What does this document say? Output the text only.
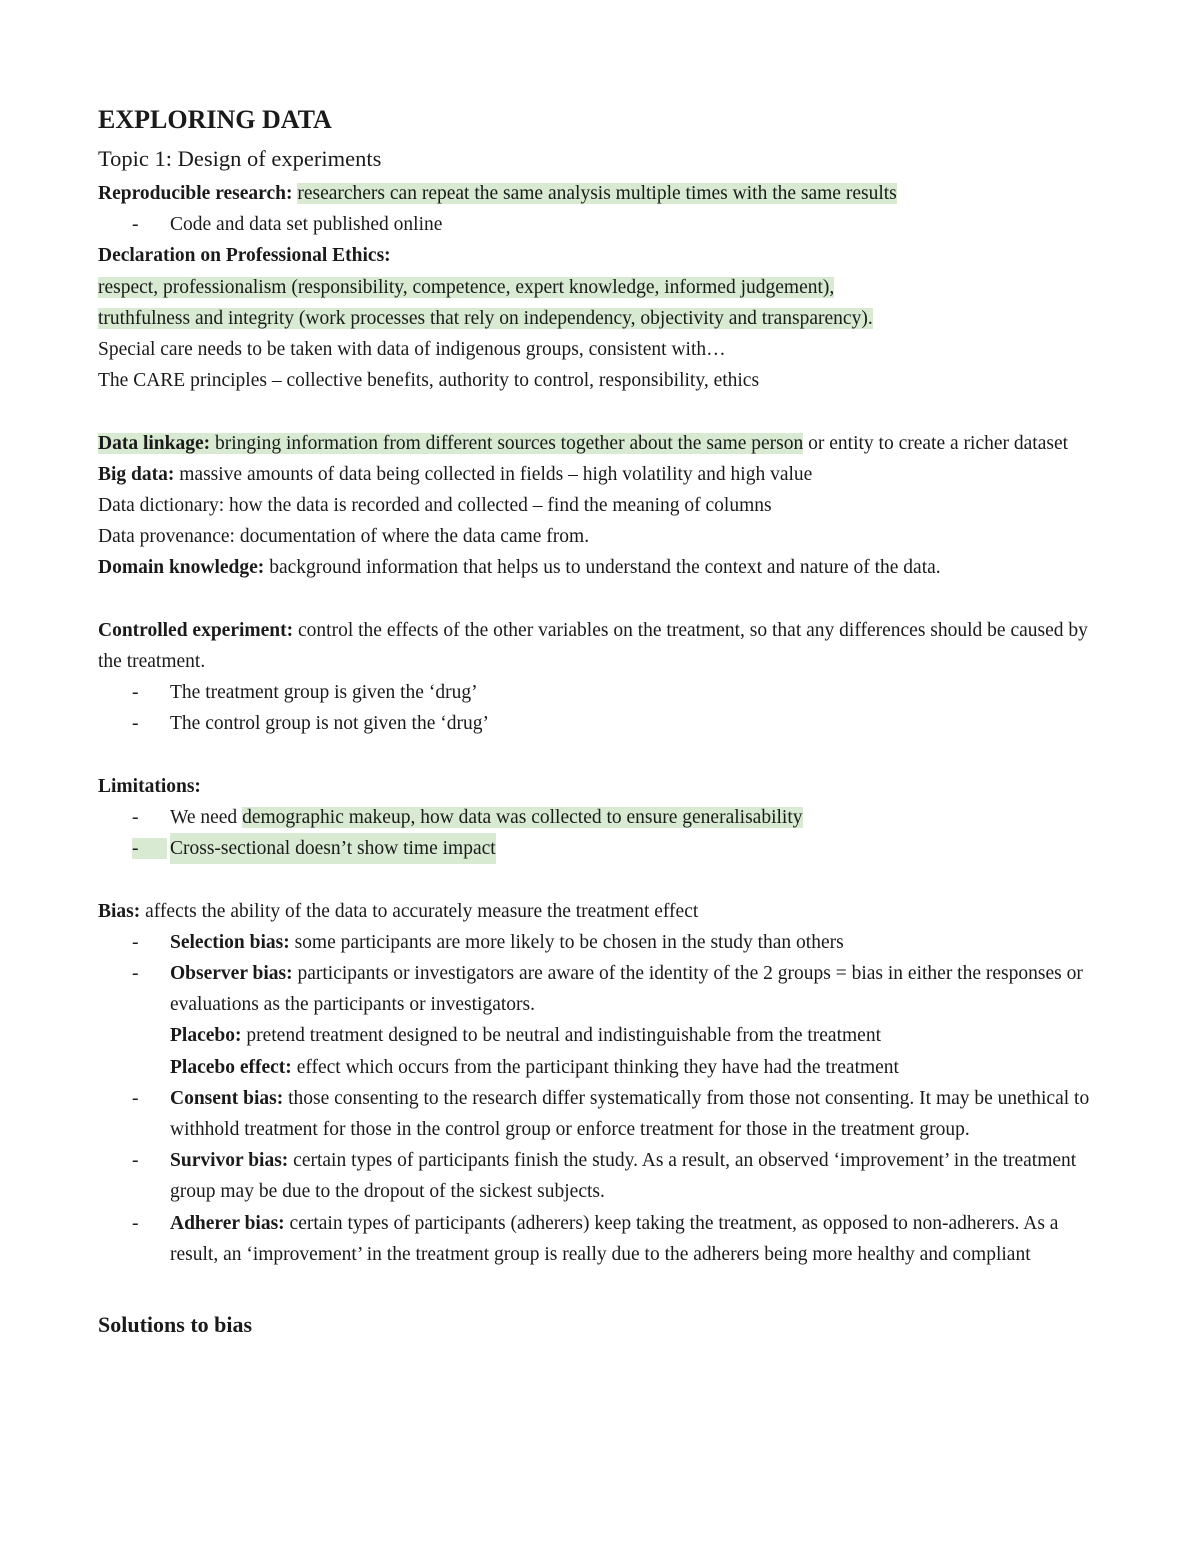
EXPLORING DATA
Topic 1: Design of experiments
Reproducible research: researchers can repeat the same analysis multiple times with the same results
-	Code and data set published online
Declaration on Professional Ethics:
respect, professionalism (responsibility, competence, expert knowledge, informed judgement),
truthfulness and integrity (work processes that rely on independency, objectivity and transparency).
Special care needs to be taken with data of indigenous groups, consistent with…
The CARE principles – collective benefits, authority to control, responsibility, ethics
Data linkage: bringing information from different sources together about the same person or entity to create a richer dataset
Big data: massive amounts of data being collected in fields – high volatility and high value
Data dictionary: how the data is recorded and collected – find the meaning of columns
Data provenance: documentation of where the data came from.
Domain knowledge: background information that helps us to understand the context and nature of the data.
Controlled experiment: control the effects of the other variables on the treatment, so that any differences should be caused by the treatment.
-	The treatment group is given the ‘drug’
-	The control group is not given the ‘drug’
Limitations:
-	We need demographic makeup, how data was collected to ensure generalisability
-	Cross-sectional doesn’t show time impact
Bias: affects the ability of the data to accurately measure the treatment effect
-	Selection bias: some participants are more likely to be chosen in the study than others
-	Observer bias: participants or investigators are aware of the identity of the 2 groups = bias in either the responses or evaluations as the participants or investigators.
Placebo: pretend treatment designed to be neutral and indistinguishable from the treatment
Placebo effect: effect which occurs from the participant thinking they have had the treatment
-	Consent bias: those consenting to the research differ systematically from those not consenting. It may be unethical to withhold treatment for those in the control group or enforce treatment for those in the treatment group.
-	Survivor bias: certain types of participants finish the study. As a result, an observed ‘improvement’ in the treatment group may be due to the dropout of the sickest subjects.
-	Adherer bias: certain types of participants (adherers) keep taking the treatment, as opposed to non-adherers. As a result, an ‘improvement’ in the treatment group is really due to the adherers being more healthy and compliant
Solutions to bias
